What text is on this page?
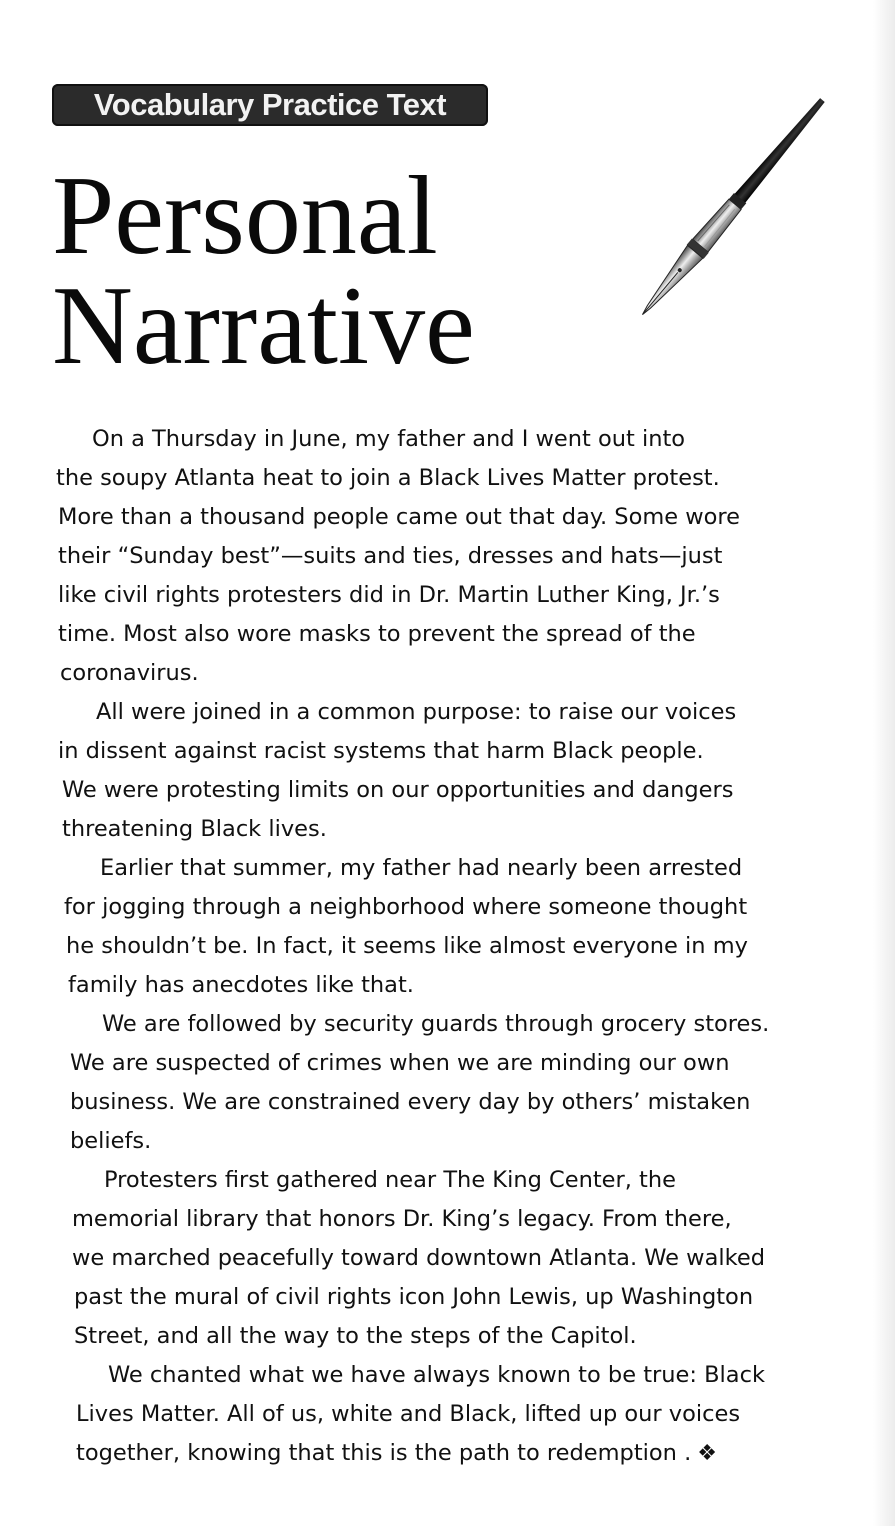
Vocabulary Practice Text
Personal
Narrative
On a Thursday in June, my father and I went out into
the soupy Atlanta heat to join a Black Lives Matter protest.
More than a thousand people came out that day. Some wore
their “Sunday best”—suits and ties, dresses and hats—just
like civil rights protesters did in Dr. Martin Luther King, Jr.’s
time. Most also wore masks to prevent the spread of the
coronavirus.
All were joined in a common purpose: to raise our voices
in dissent against racist systems that harm Black people.
We were protesting limits on our opportunities and dangers
threatening Black lives.
Earlier that summer, my father had nearly been arrested
for jogging through a neighborhood where someone thought
he shouldn’t be. In fact, it seems like almost everyone in my
family has anecdotes like that.
We are followed by security guards through grocery stores.
We are suspected of crimes when we are minding our own
business. We are constrained every day by others’ mistaken
beliefs.
Protesters first gathered near The King Center, the
memorial library that honors Dr. King’s legacy. From there,
we marched peacefully toward downtown Atlanta. We walked
past the mural of civil rights icon John Lewis, up Washington
Street, and all the way to the steps of the Capitol.
We chanted what we have always known to be true: Black
Lives Matter. All of us, white and Black, lifted up our voices
together, knowing that this is the path to redemption . ❖
